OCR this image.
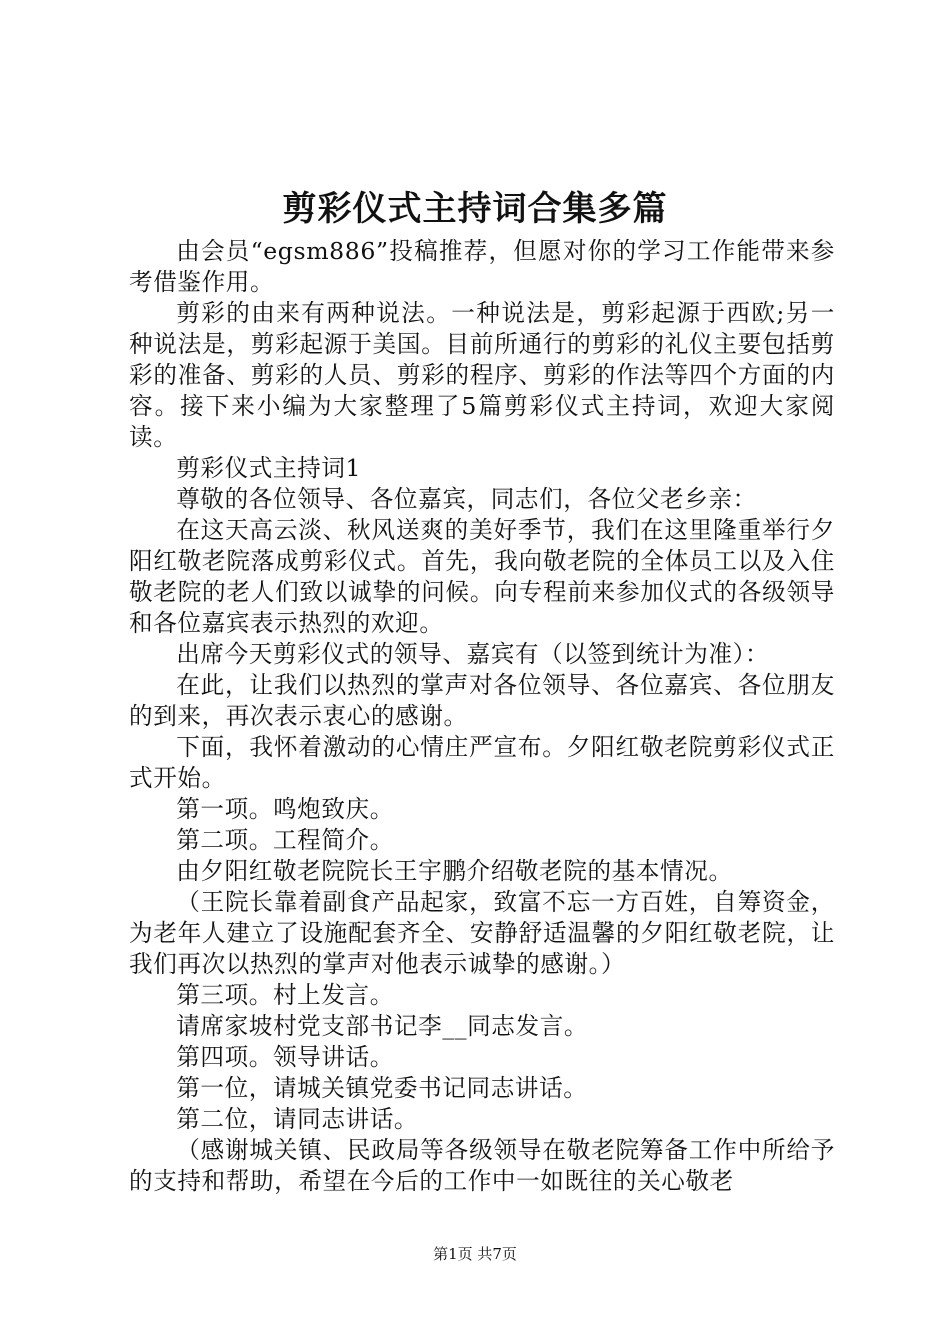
剪彩仪式主持词合集多篇

由会员“egsm886”投稿推荐，但愿对你的学习工作能带来参考借鉴作用。

剪彩的由来有两种说法。一种说法是，剪彩起源于西欧;另一种说法是，剪彩起源于美国。目前所通行的剪彩的礼仪主要包括剪彩的准备、剪彩的人员、剪彩的程序、剪彩的作法等四个方面的内容。接下来小编为大家整理了5篇剪彩仪式主持词，欢迎大家阅读。

剪彩仪式主持词1

尊敬的各位领导、各位嘉宾，同志们，各位父老乡亲：

在这天高云淡、秋风送爽的美好季节，我们在这里隆重举行夕阳红敬老院落成剪彩仪式。首先，我向敬老院的全体员工以及入住敬老院的老人们致以诚挚的问候。向专程前来参加仪式的各级领导和各位嘉宾表示热烈的欢迎。

出席今天剪彩仪式的领导、嘉宾有（以签到统计为准）：

在此，让我们以热烈的掌声对各位领导、各位嘉宾、各位朋友的到来，再次表示衷心的感谢。

下面，我怀着激动的心情庄严宣布。夕阳红敬老院剪彩仪式正式开始。

第一项。鸣炮致庆。

第二项。工程简介。

由夕阳红敬老院院长王宇鹏介绍敬老院的基本情况。

（王院长靠着副食产品起家，致富不忘一方百姓，自筹资金，为老年人建立了设施配套齐全、安静舒适温馨的夕阳红敬老院，让我们再次以热烈的掌声对他表示诚挚的感谢。）

第三项。村上发言。

请席家坡村党支部书记李__同志发言。

第四项。领导讲话。

第一位，请城关镇党委书记同志讲话。

第二位，请同志讲话。

（感谢城关镇、民政局等各级领导在敬老院筹备工作中所给予的支持和帮助，希望在今后的工作中一如既往的关心敬老

第1页 共7页
